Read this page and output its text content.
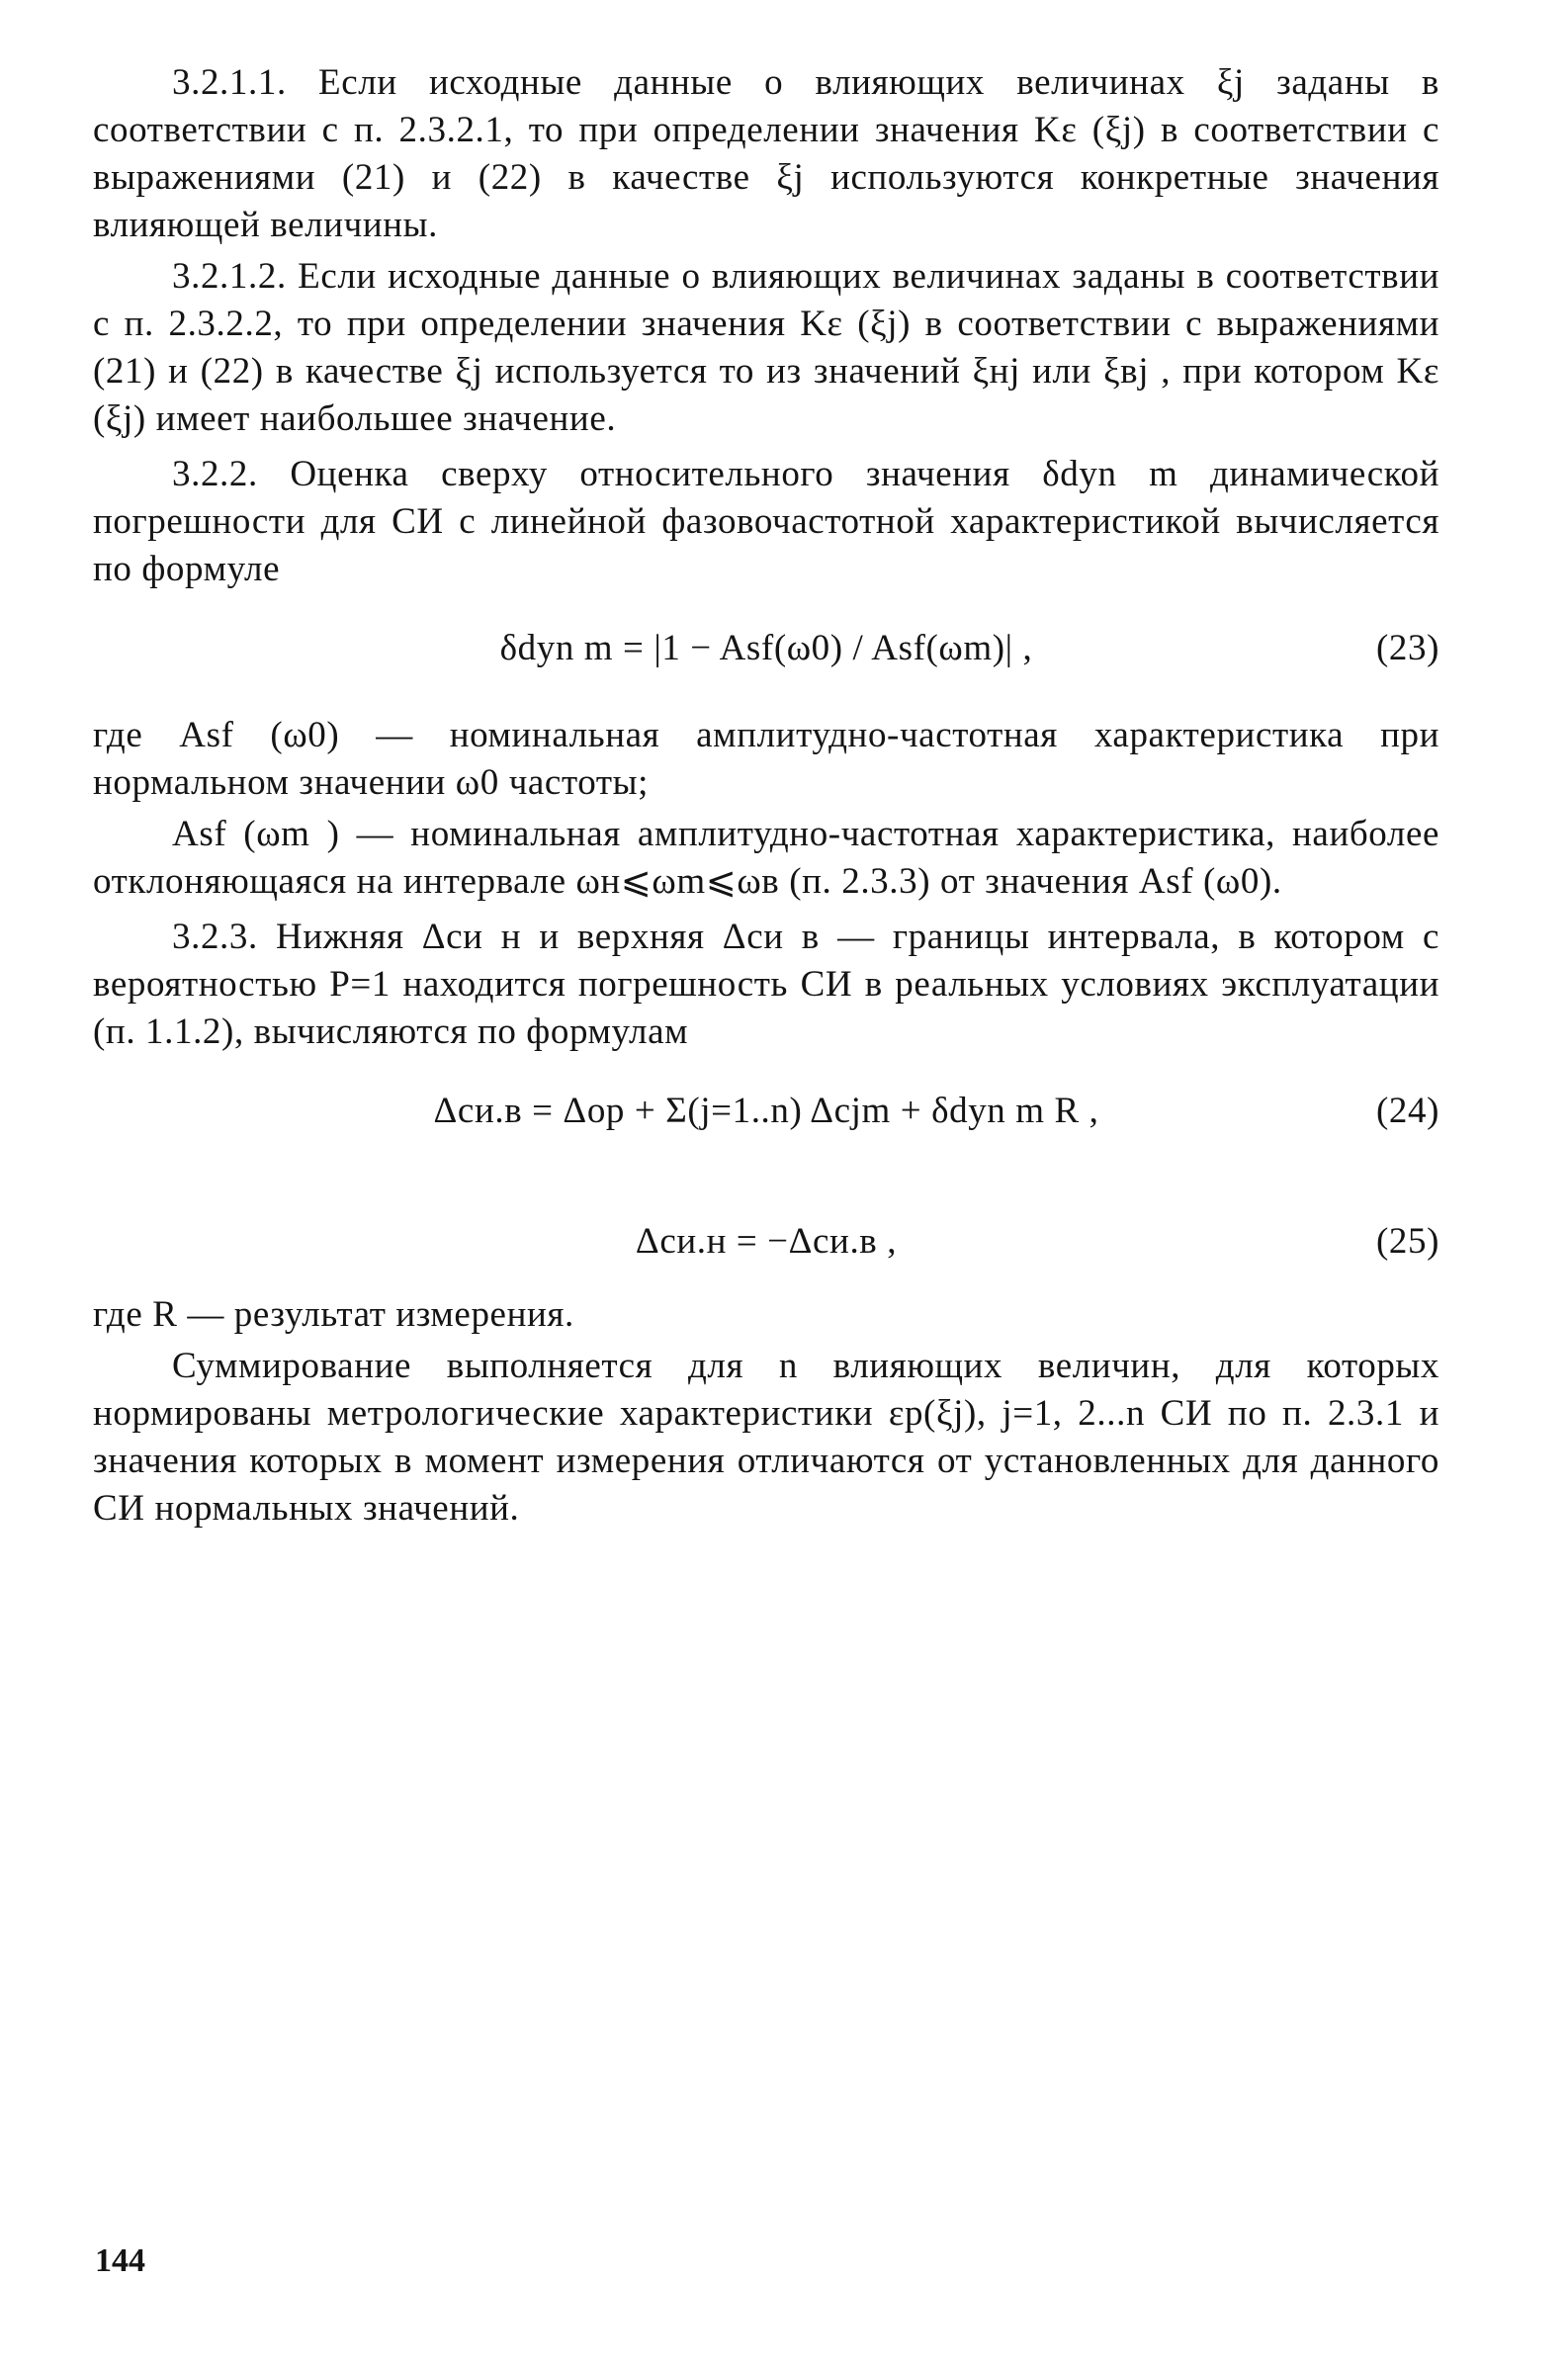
3.2.1.1. Если исходные данные о влияющих величинах ξj заданы в соответствии с п. 2.3.2.1, то при определении значения Kε (ξj) в соответствии с выражениями (21) и (22) в качестве ξj используются конкретные значения влияющей величины.

3.2.1.2. Если исходные данные о влияющих величинах заданы в соответствии с п. 2.3.2.2, то при определении значения Kε (ξj) в соответствии с выражениями (21) и (22) в качестве ξj используется то из значений ξнj или ξвj , при котором Kε (ξj) имеет наибольшее значение.

3.2.2. Оценка сверху относительного значения δdyn m динамической погрешности для СИ с линейной фазовочастотной характеристикой вычисляется по формуле

δdyn m = |1 − Asf(ω0) / Asf(ωm)| ,	(23)

где Asf (ω0) — номинальная амплитудно-частотная характеристика при нормальном значении ω0 частоты;

Asf (ωm ) — номинальная амплитудно-частотная характеристика, наиболее отклоняющаяся на интервале ωн⩽ωm⩽ωв (п. 2.3.3) от значения Asf (ω0).

3.2.3. Нижняя Δси н и верхняя Δси в — границы интервала, в котором с вероятностью P=1 находится погрешность СИ в реальных условиях эксплуатации (п. 1.1.2), вычисляются по формулам

Δси.в = Δор + Σ(j=1..n) Δcjm + δdyn m R ,	(24)
Δси.н = −Δси.в ,	(25)

где R — результат измерения.

Суммирование выполняется для n влияющих величин, для которых нормированы метрологические характеристики εp(ξj), j=1, 2...n СИ по п. 2.3.1 и значения которых в момент измерения отличаются от установленных для данного СИ нормальных значений.

144
